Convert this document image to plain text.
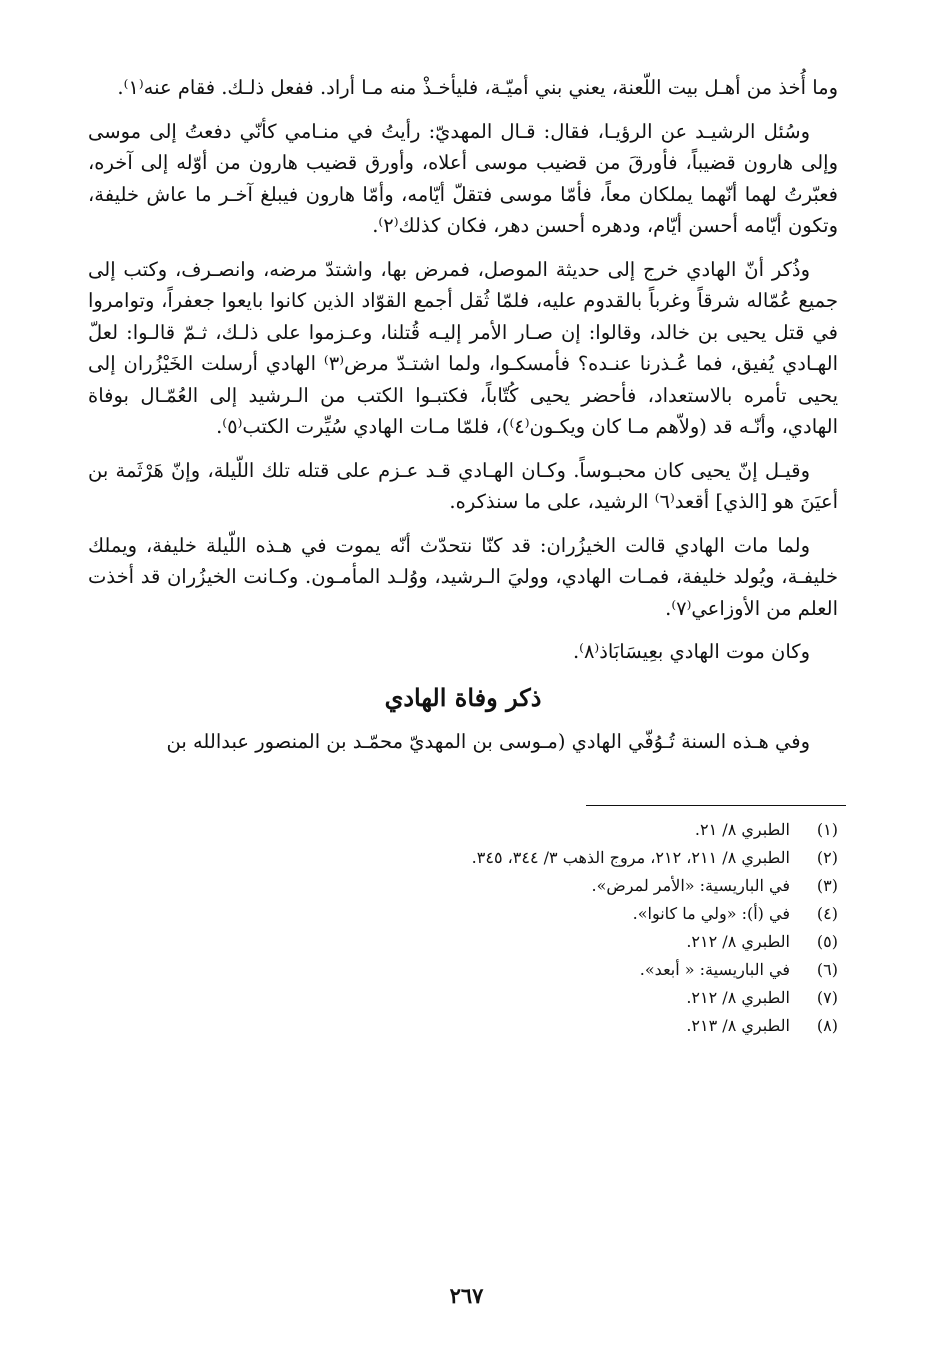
وما أُخذ من أهـل بيت اللّعنة، يعني بني أميّـة، فليأخـذْ منه مـا أراد. ففعل ذلـك. فقام عنه⁽١⁾.

وسُئل الرشيـد عن الرؤيـا، فقال: قـال المهديّ: رأيتُ في منـامي كأنّي دفعتُ إلى موسى وإلى هارون قضيباً، فأورقَ من قضيب موسى أعلاه، وأورق قضيب هارون من أوّله إلى آخره، فعبّرتُ لهما أنّهما يملكان معاً، فأمّا موسى فتقلّ أيّامه، وأمّا هارون فيبلغ آخـر ما عاش خليفة، وتكون أيّامه أحسن أيّام، ودهره أحسن دهر، فكان كذلك⁽٢⁾.

وذُكر أنّ الهادي خرج إلى حديثة الموصل، فمرض بها، واشتدّ مرضه، وانصـرف، وكتب إلى جميع عُمّاله شرقاً وغرباً بالقدوم عليه، فلمّا ثُقل أجمع القوّاد الذين كانوا بايعوا جعفراً، وتوامروا في قتل يحيى بن خالد، وقالوا: إن صـار الأمر إليـه قُتلنا، وعـزموا على ذلـك، ثـمّ قالـوا: لعلّ الهـادي يُفيق، فما عُـذرنا عنـده؟ فأمسكـوا، ولما اشتـدّ مرض⁽٣⁾ الهادي أرسلت الخَيْزُران إلى يحيى تأمره بالاستعداد، فأحضر يحيى كُتّاباً، فكتبـوا الكتب من الـرشيد إلى العُمّـال بوفاة الهادي، وأنّـه قد (ولاّهم مـا كان ويكـون⁽٤⁾)، فلمّا مـات الهادي سُيِّرت الكتب⁽٥⁾.

وقيـل إنّ يحيى كان محبـوساً. وكـان الهـادي قـد عـزم على قتله تلك اللّيلة، وإنّ هَرْثَمة بن أعيَنَ هو [الذي] أقعد⁽٦⁾ الرشيد، على ما سنذكره.

ولما مات الهادي قالت الخيزُران: قد كنّا نتحدّث أنّه يموت في هـذه اللّيلة خليفة، ويملك خليفـة، ويُولد خليفة، فمـات الهادي، ووليَ الـرشيد، ووُلـد المأمـون. وكـانت الخيزُران قد أخذت العلم من الأوزاعي⁽٧⁾.

وكان موت الهادي بعِيسَابَاذ⁽٨⁾.

ذكر وفاة الهادي

وفي هـذه السنة تُـوُفّي الهادي (مـوسى بن المهديّ محمّـد بن المنصور عبدالله بن

(١)
الطبري ٨/ ٢١.
(٢)
الطبري ٨/ ٢١١، ٢١٢، مروج الذهب ٣/ ٣٤٤، ٣٤٥.
(٣)
في الباريسية: «الأمر لمرض».
(٤)
في (أ): «ولي ما كانوا».
(٥)
الطبري ٨/ ٢١٢.
(٦)
في الباريسية: « أبعد».
(٧)
الطبري ٨/ ٢١٢.
(٨)
الطبري ٨/ ٢١٣.
٢٦٧
